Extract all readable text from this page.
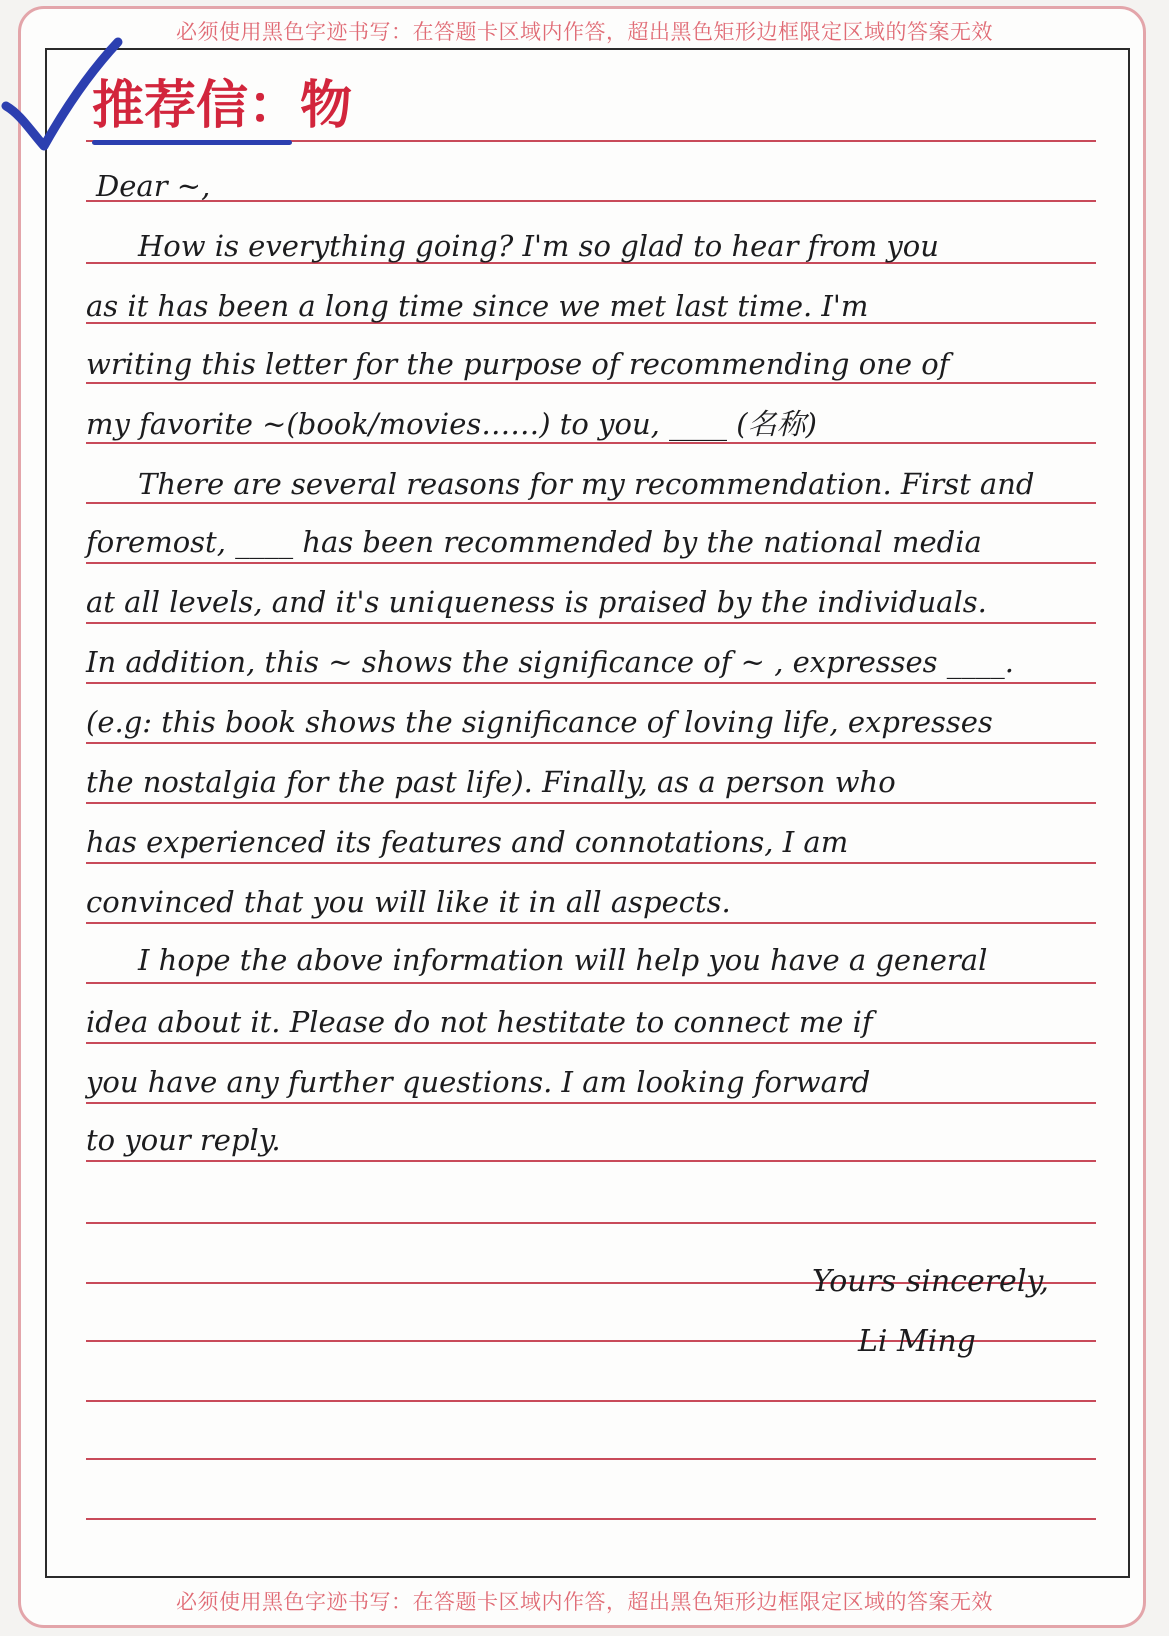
必须使用黑色字迹书写：在答题卡区域内作答，超出黑色矩形边框限定区域的答案无效
必须使用黑色字迹书写：在答题卡区域内作答，超出黑色矩形边框限定区域的答案无效
推荐信：物
Dear ~,
How is everything going? I'm so glad to hear from you
as it has been a long time since we met last time. I'm
writing this letter for the purpose of recommending one of
my favorite ~(book/movies……) to you, ____ (名称)
There are several reasons for my recommendation. First and
foremost, ____ has been recommended by the national media
at all levels, and it's uniqueness is praised by the individuals.
In addition, this ~ shows the significance of ~ , expresses ____.
(e.g: this book shows the significance of loving life, expresses
the nostalgia for the past life). Finally, as a person who
has experienced its features and connotations, I am
convinced that you will like it in all aspects.
I hope the above information will help you have a general
idea about it. Please do not hestitate to connect me if
you have any further questions. I am looking forward
to your reply.
Yours sincerely,
Li Ming
